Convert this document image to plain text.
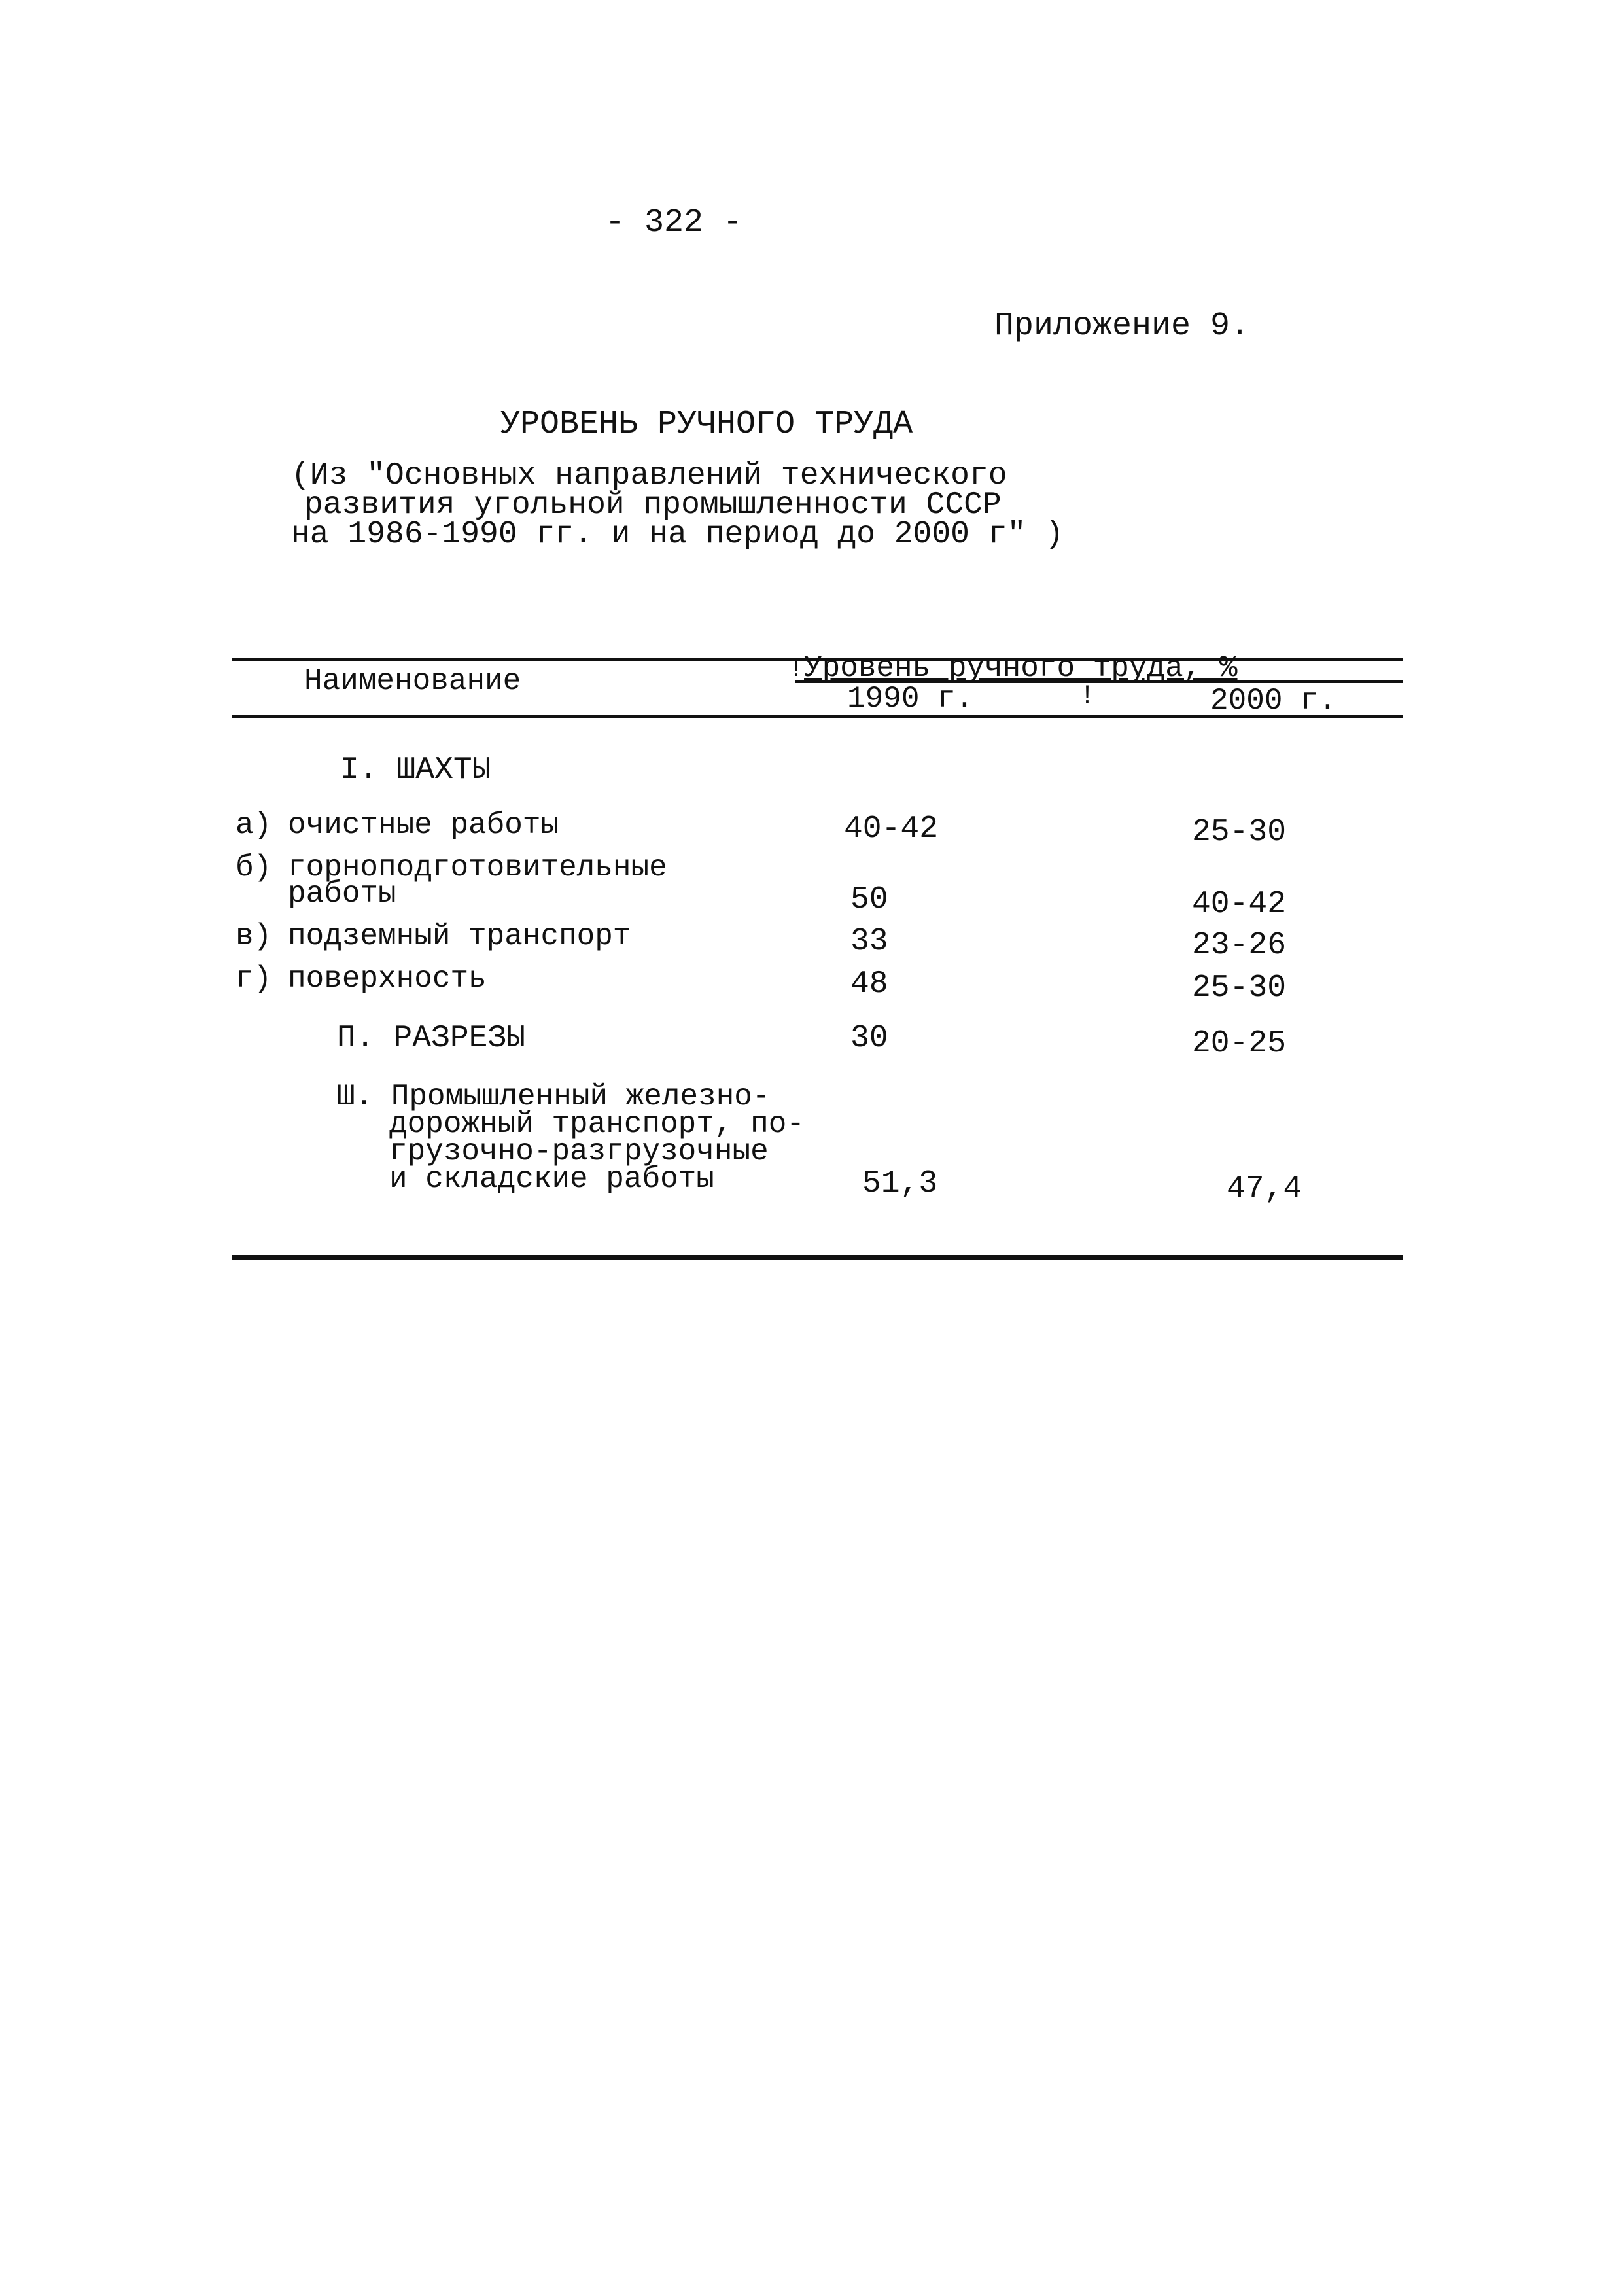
- 322 -
Приложение 9.
УРОВЕНЬ РУЧНОГО ТРУДА
(Из "Основных направлений технического
развития угольной промышленности СССР
на 1986-1990 гг. и на период до 2000 г" )
Наименование	!Уровень ручного труда, %
1990 г.	!	2000 г.
I. ШАХТЫ
а) очистные работы	40-42	25-30
б) горноподготовительные
работы	50	40-42
в) подземный транспорт	33	23-26
г) поверхность	48	25-30
П. РАЗРЕЗЫ	30	20-25
Ш. Промышленный железно-
дорожный транспорт, по-
грузочно-разгрузочные
и складские работы	51,3	47,4
